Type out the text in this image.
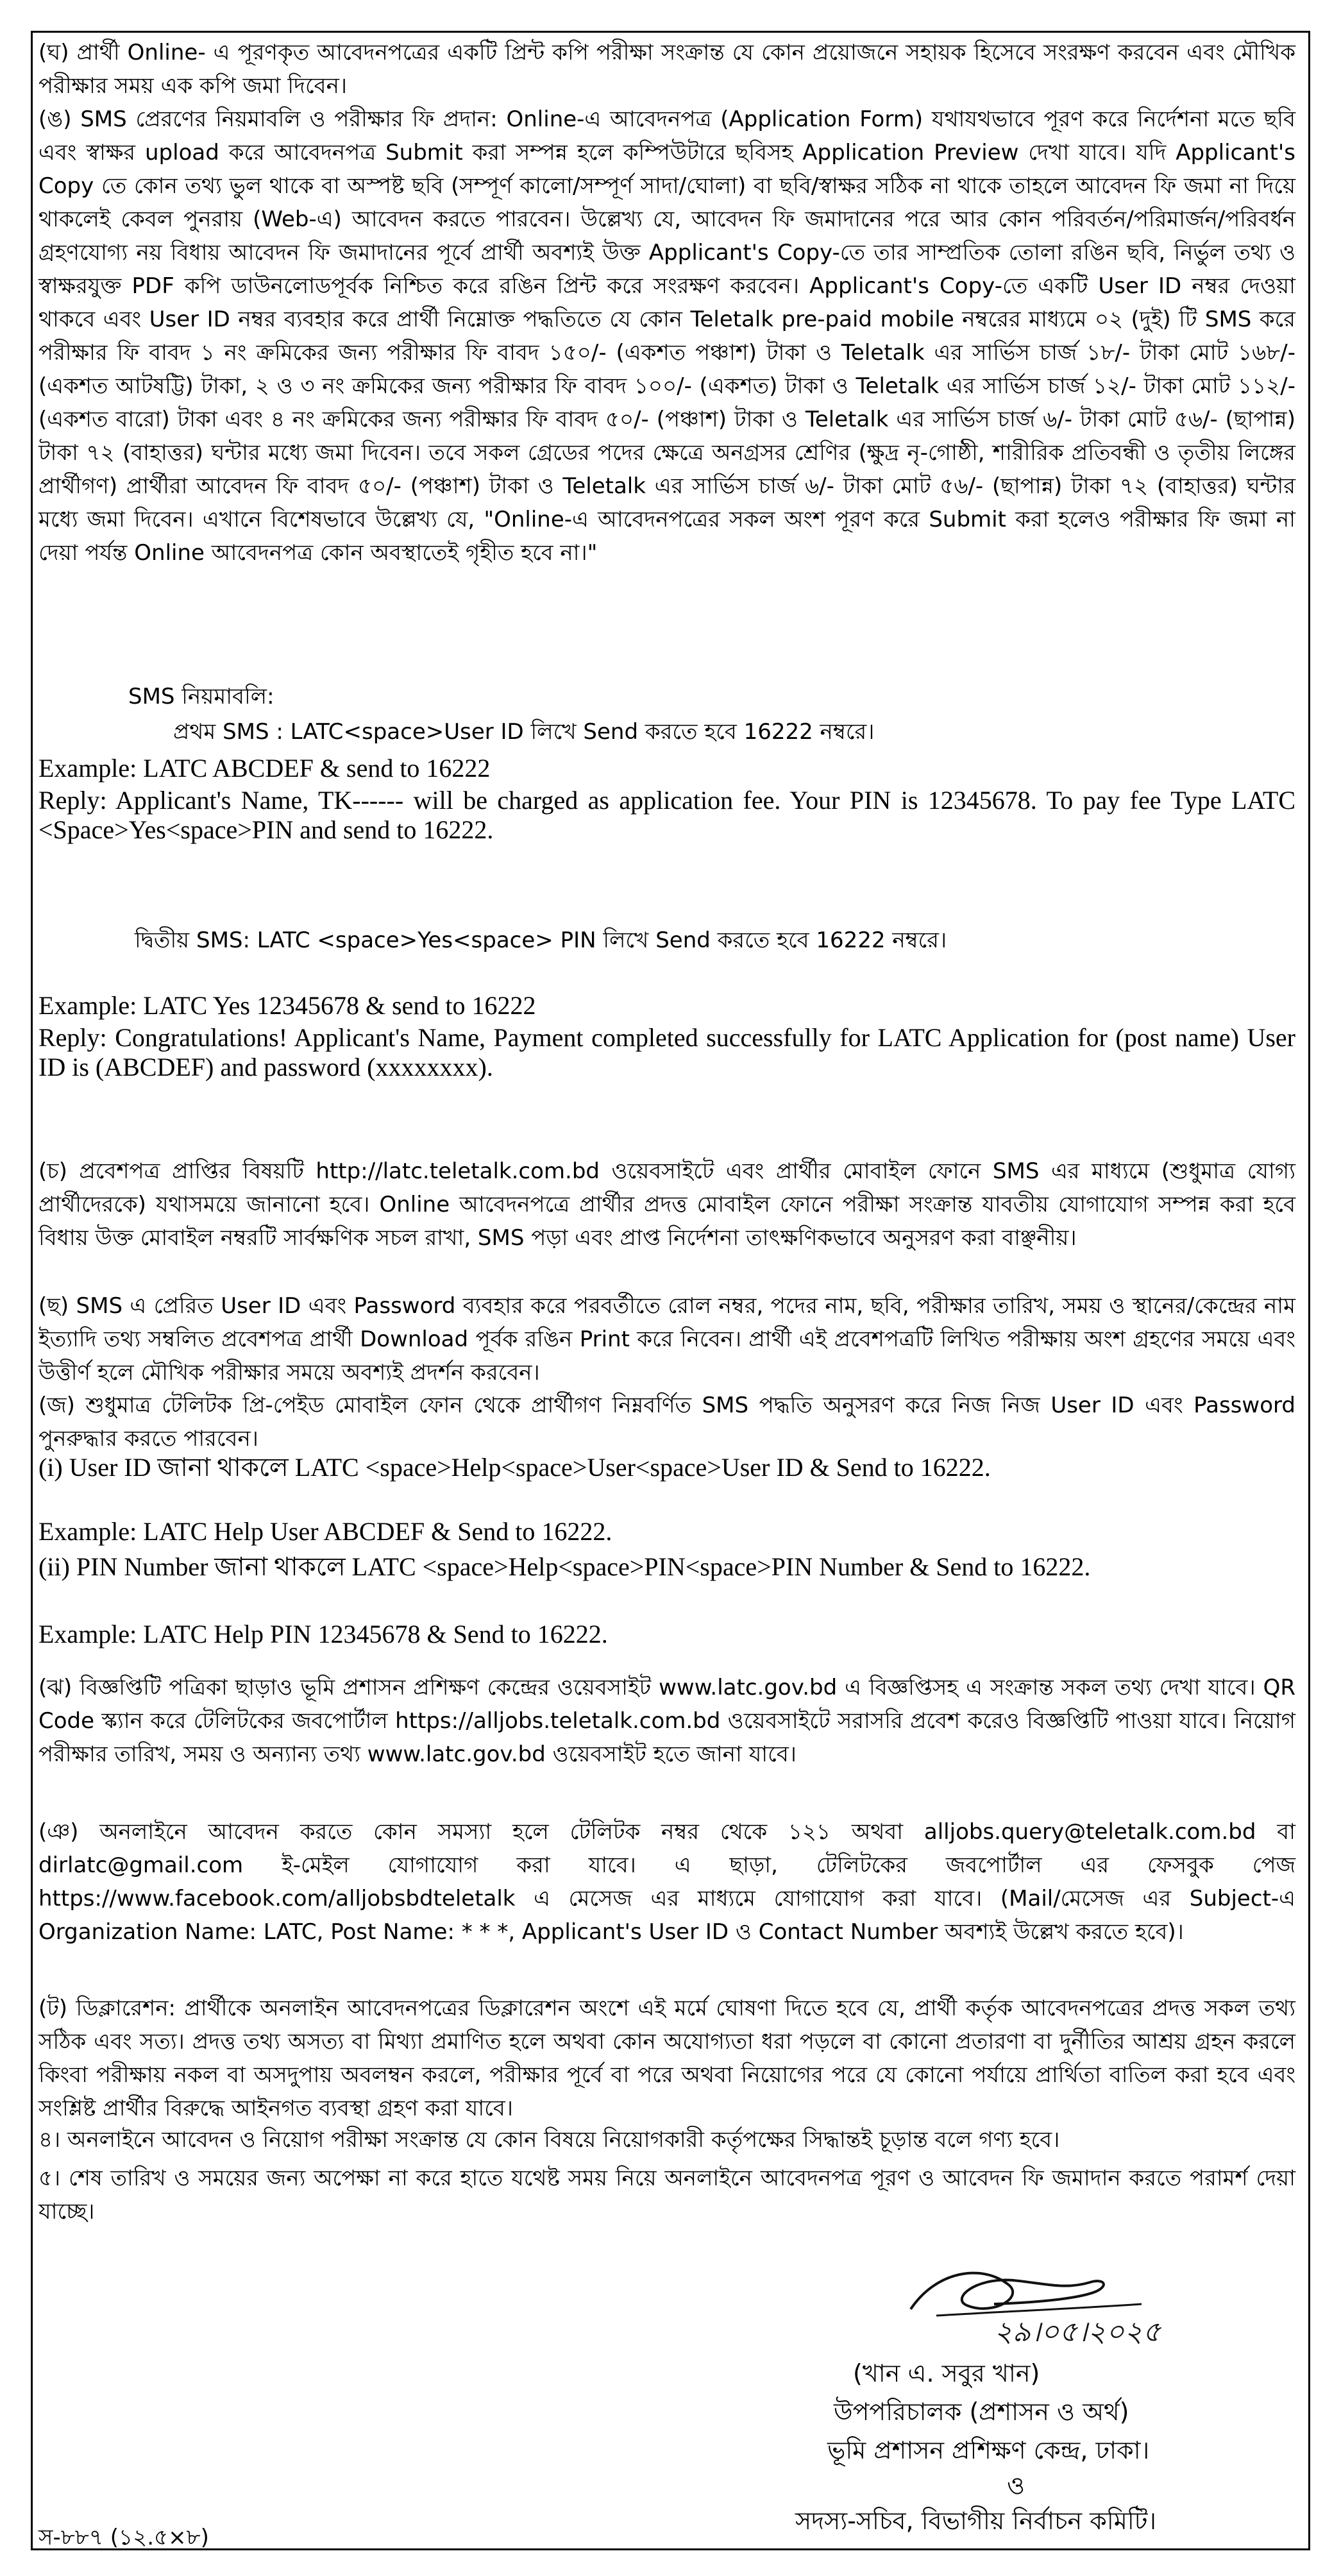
(ঘ) প্রার্থী Online- এ পূরণকৃত আবেদনপত্রের একটি প্রিন্ট কপি পরীক্ষা সংক্রান্ত যে কোন প্রয়োজনে সহায়ক হিসেবে সংরক্ষণ করবেন এবং মৌখিক পরীক্ষার সময় এক কপি জমা দিবেন।

(ঙ) SMS প্রেরণের নিয়মাবলি ও পরীক্ষার ফি প্রদান: Online-এ আবেদনপত্র (Application Form) যথাযথভাবে পূরণ করে নির্দেশনা মতে ছবি এবং স্বাক্ষর upload করে আবেদনপত্র Submit করা সম্পন্ন হলে কম্পিউটারে ছবিসহ Application Preview দেখা যাবে। যদি Applicant's Copy তে কোন তথ্য ভুল থাকে বা অস্পষ্ট ছবি (সম্পূর্ণ কালো/সম্পূর্ণ সাদা/ঘোলা) বা ছবি/স্বাক্ষর সঠিক না থাকে তাহলে আবেদন ফি জমা না দিয়ে থাকলেই কেবল পুনরায় (Web-এ) আবেদন করতে পারবেন। উল্লেখ্য যে, আবেদন ফি জমাদানের পরে আর কোন পরিবর্তন/পরিমার্জন/পরিবর্ধন গ্রহণযোগ্য নয় বিধায় আবেদন ফি জমাদানের পূর্বে প্রার্থী অবশ্যই উক্ত Applicant's Copy-তে তার সাম্প্রতিক তোলা রঙিন ছবি, নির্ভুল তথ্য ও স্বাক্ষরযুক্ত PDF কপি ডাউনলোডপূর্বক নিশ্চিত করে রঙিন প্রিন্ট করে সংরক্ষণ করবেন। Applicant's Copy-তে একটি User ID নম্বর দেওয়া থাকবে এবং User ID নম্বর ব্যবহার করে প্রার্থী নিম্নোক্ত পদ্ধতিতে যে কোন Teletalk pre-paid mobile নম্বরের মাধ্যমে ০২ (দুই) টি SMS করে পরীক্ষার ফি বাবদ ১ নং ক্রমিকের জন্য পরীক্ষার ফি বাবদ ১৫০/- (একশত পঞ্চাশ) টাকা ও Teletalk এর সার্ভিস চার্জ ১৮/- টাকা মোট ১৬৮/- (একশত আটষট্টি) টাকা, ২ ও ৩ নং ক্রমিকের জন্য পরীক্ষার ফি বাবদ ১০০/- (একশত) টাকা ও Teletalk এর সার্ভিস চার্জ ১২/- টাকা মোট ১১২/- (একশত বারো) টাকা এবং ৪ নং ক্রমিকের জন্য পরীক্ষার ফি বাবদ ৫০/- (পঞ্চাশ) টাকা ও Teletalk এর সার্ভিস চার্জ ৬/- টাকা মোট ৫৬/- (ছাপান্ন) টাকা ৭২ (বাহাত্তর) ঘন্টার মধ্যে জমা দিবেন। তবে সকল গ্রেডের পদের ক্ষেত্রে অনগ্রসর শ্রেণির (ক্ষুদ্র নৃ-গোষ্ঠী, শারীরিক প্রতিবন্ধী ও তৃতীয় লিঙ্গের প্রার্থীগণ) প্রার্থীরা আবেদন ফি বাবদ ৫০/- (পঞ্চাশ) টাকা ও Teletalk এর সার্ভিস চার্জ ৬/- টাকা মোট ৫৬/- (ছাপান্ন) টাকা ৭২ (বাহাত্তর) ঘন্টার মধ্যে জমা দিবেন। এখানে বিশেষভাবে উল্লেখ্য যে, "Online-এ আবেদনপত্রের সকল অংশ পূরণ করে Submit করা হলেও পরীক্ষার ফি জমা না দেয়া পর্যন্ত Online আবেদনপত্র কোন অবস্থাতেই গৃহীত হবে না।"

SMS নিয়মাবলি:

প্রথম SMS : LATC<space>User ID লিখে Send করতে হবে 16222 নম্বরে।

Example: LATC ABCDEF & send to 16222

Reply: Applicant's Name, TK------ will be charged as application fee. Your PIN is 12345678. To pay fee Type LATC <Space>Yes<space>PIN and send to 16222.

দ্বিতীয় SMS: LATC <space>Yes<space> PIN লিখে Send করতে হবে 16222 নম্বরে।

Example: LATC Yes 12345678 & send to 16222

Reply: Congratulations! Applicant's Name, Payment completed successfully for LATC Application for (post name) User ID is (ABCDEF) and password (xxxxxxxx).

(চ) প্রবেশপত্র প্রাপ্তির বিষয়টি http://latc.teletalk.com.bd ওয়েবসাইটে এবং প্রার্থীর মোবাইল ফোনে SMS এর মাধ্যমে (শুধুমাত্র যোগ্য প্রার্থীদেরকে) যথাসময়ে জানানো হবে। Online আবেদনপত্রে প্রার্থীর প্রদত্ত মোবাইল ফোনে পরীক্ষা সংক্রান্ত যাবতীয় যোগাযোগ সম্পন্ন করা হবে বিধায় উক্ত মোবাইল নম্বরটি সার্বক্ষণিক সচল রাখা, SMS পড়া এবং প্রাপ্ত নির্দেশনা তাৎক্ষণিকভাবে অনুসরণ করা বাঞ্ছনীয়।

(ছ) SMS এ প্রেরিত User ID এবং Password ব্যবহার করে পরবর্তীতে রোল নম্বর, পদের নাম, ছবি, পরীক্ষার তারিখ, সময় ও স্থানের/কেন্দ্রের নাম ইত্যাদি তথ্য সম্বলিত প্রবেশপত্র প্রার্থী Download পূর্বক রঙিন Print করে নিবেন। প্রার্থী এই প্রবেশপত্রটি লিখিত পরীক্ষায় অংশ গ্রহণের সময়ে এবং উত্তীর্ণ হলে মৌখিক পরীক্ষার সময়ে অবশ্যই প্রদর্শন করবেন।

(জ) শুধুমাত্র টেলিটক প্রি-পেইড মোবাইল ফোন থেকে প্রার্থীগণ নিম্নবর্ণিত SMS পদ্ধতি অনুসরণ করে নিজ নিজ User ID এবং Password পুনরুদ্ধার করতে পারবেন।

(i) User ID জানা থাকলে LATC <space>Help<space>User<space>User ID & Send to 16222.

Example: LATC Help User ABCDEF & Send to 16222.

(ii) PIN Number জানা থাকলে LATC <space>Help<space>PIN<space>PIN Number & Send to 16222.

Example: LATC Help PIN 12345678 & Send to 16222.

(ঝ) বিজ্ঞপ্তিটি পত্রিকা ছাড়াও ভূমি প্রশাসন প্রশিক্ষণ কেন্দ্রের ওয়েবসাইট www.latc.gov.bd এ বিজ্ঞপ্তিসহ এ সংক্রান্ত সকল তথ্য দেখা যাবে। QR Code স্ক্যান করে টেলিটকের জবপোর্টাল https://alljobs.teletalk.com.bd ওয়েবসাইটে সরাসরি প্রবেশ করেও বিজ্ঞপ্তিটি পাওয়া যাবে। নিয়োগ পরীক্ষার তারিখ, সময় ও অন্যান্য তথ্য www.latc.gov.bd ওয়েবসাইট হতে জানা যাবে।

(ঞ) অনলাইনে আবেদন করতে কোন সমস্যা হলে টেলিটক নম্বর থেকে ১২১ অথবা alljobs.query@teletalk.com.bd বা dirlatc@gmail.com ই-মেইল যোগাযোগ করা যাবে। এ ছাড়া, টেলিটকের জবপোর্টাল এর ফেসবুক পেজ https://www.facebook.com/alljobsbdteletalk এ মেসেজ এর মাধ্যমে যোগাযোগ করা যাবে। (Mail/মেসেজ এর Subject-এ Organization Name: LATC, Post Name: * * *, Applicant's User ID ও Contact Number অবশ্যই উল্লেখ করতে হবে)।

(ট) ডিক্লারেশন: প্রার্থীকে অনলাইন আবেদনপত্রের ডিক্লারেশন অংশে এই মর্মে ঘোষণা দিতে হবে যে, প্রার্থী কর্তৃক আবেদনপত্রের প্রদত্ত সকল তথ্য সঠিক এবং সত্য। প্রদত্ত তথ্য অসত্য বা মিথ্যা প্রমাণিত হলে অথবা কোন অযোগ্যতা ধরা পড়লে বা কোনো প্রতারণা বা দুর্নীতির আশ্রয় গ্রহন করলে কিংবা পরীক্ষায় নকল বা অসদুপায় অবলম্বন করলে, পরীক্ষার পূর্বে বা পরে অথবা নিয়োগের পরে যে কোনো পর্যায়ে প্রার্থিতা বাতিল করা হবে এবং সংশ্লিষ্ট প্রার্থীর বিরুদ্ধে আইনগত ব্যবস্থা গ্রহণ করা যাবে।

৪। অনলাইনে আবেদন ও নিয়োগ পরীক্ষা সংক্রান্ত যে কোন বিষয়ে নিয়োগকারী কর্তৃপক্ষের সিদ্ধান্তই চূড়ান্ত বলে গণ্য হবে।

৫। শেষ তারিখ ও সময়ের জন্য অপেক্ষা না করে হাতে যথেষ্ট সময় নিয়ে অনলাইনে আবেদনপত্র পূরণ ও আবেদন ফি জমাদান করতে পরামর্শ দেয়া যাচ্ছে।

২৯।০৫।২০২৫

(খান এ. সবুর খান)

উপপরিচালক (প্রশাসন ও অর্থ)

ভূমি প্রশাসন প্রশিক্ষণ কেন্দ্র, ঢাকা।

ও

সদস্য-সচিব, বিভাগীয় নির্বাচন কমিটি।

স-৮৮৭ (১২.৫×৮)
